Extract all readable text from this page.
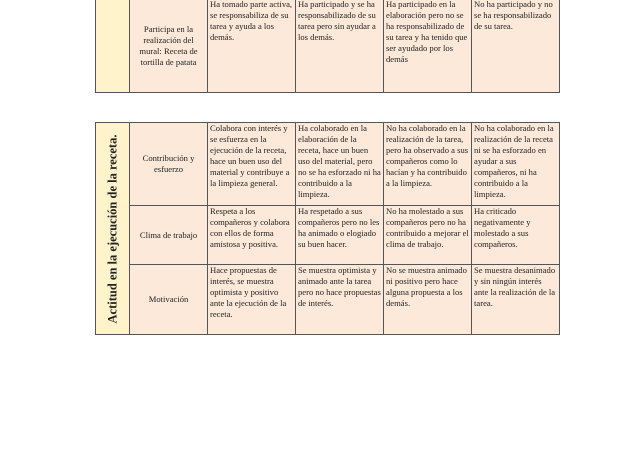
	Participa en la realización del mural: Receta de tortilla de patata	Ha tomado parte activa, se responsabiliza de su tarea y ayuda a los demás.	Ha participado y se ha responsabilizado de su tarea pero sin ayudar a los demás.	Ha participado en la elaboración pero no se ha responsabilizado de su tarea y ha tenido que ser ayudado por los demás	No ha participado y no se ha responsabilizado de su tarea.
Actitud en la ejecución de la receta.	Contribución y esfuerzo	Colabora con interés y se esfuerza en la ejecución de la receta, hace un buen uso del material y contribuye a la limpieza general.	Ha colaborado en la elaboración de la receta, hace un buen uso del material, pero no se ha esforzado ni ha contribuido a la limpieza.	No ha colaborado en la realización de la tarea, pero ha observado a sus compañeros como lo hacían y ha contribuido a la limpieza.	No ha colaborado en la realización de la receta ni se ha esforzado en ayudar a sus compañeros, ni ha contribuido a la limpieza.
	Clima de trabajo	Respeta a los compañeros y colabora con ellos de forma amistosa y positiva.	Ha respetado a sus compañeros pero no les ha animado o elogiado su buen hacer.	No ha molestado a sus compañeros pero no ha contribuido a mejorar el clima de trabajo.	Ha criticado negativamente y molestado a sus compañeros.
	Motivación	Hace propuestas de interés, se muestra optimista y positivo ante la ejecución de la receta.	Se muestra optimista y animado ante la tarea pero no hace propuestas de interés.	No se muestra animado ni positivo pero hace alguna propuesta a los demás.	Se muestra desanimado y sin ningún interés ante la realización de la tarea.
